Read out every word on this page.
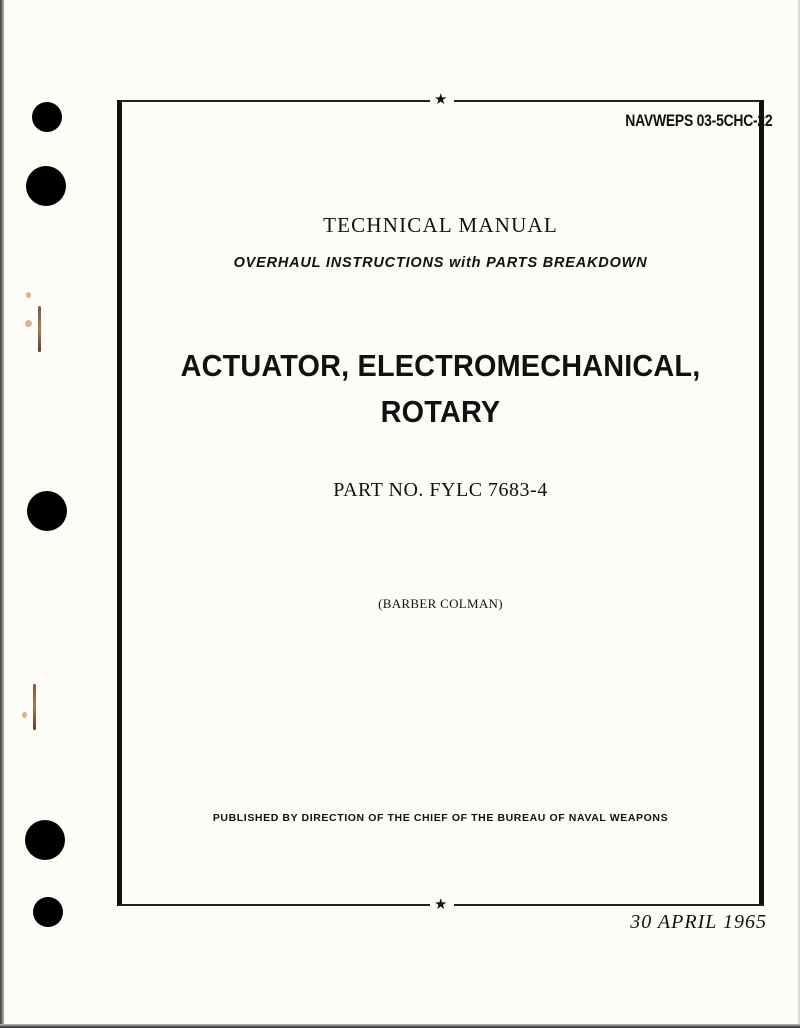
★
★
NAVWEPS 03-5CHC-22
TECHNICAL MANUAL
OVERHAUL INSTRUCTIONS with PARTS BREAKDOWN
ACTUATOR, ELECTROMECHANICAL,
ROTARY
PART NO. FYLC 7683-4
(BARBER COLMAN)
PUBLISHED BY DIRECTION OF THE CHIEF OF THE BUREAU OF NAVAL WEAPONS
30 APRIL 1965
